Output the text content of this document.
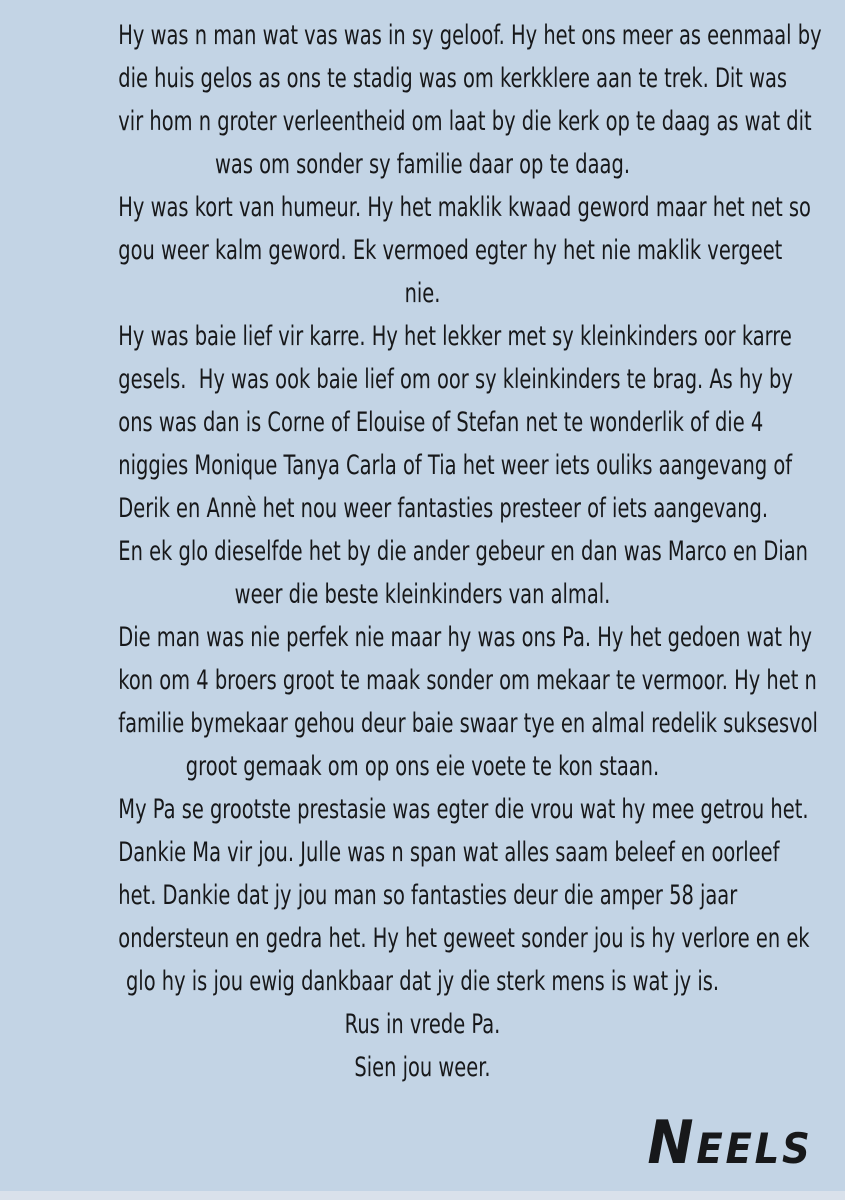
Hy was n man wat vas was in sy geloof. Hy het ons meer as eenmaal by
die huis gelos as ons te stadig was om kerkklere aan te trek. Dit was
vir hom n groter verleentheid om laat by die kerk op te daag as wat dit
was om sonder sy familie daar op te daag.
Hy was kort van humeur. Hy het maklik kwaad geword maar het net so
gou weer kalm geword. Ek vermoed egter hy het nie maklik vergeet
nie.
Hy was baie lief vir karre. Hy het lekker met sy kleinkinders oor karre
gesels.  Hy was ook baie lief om oor sy kleinkinders te brag. As hy by
ons was dan is Corne of Elouise of Stefan net te wonderlik of die 4
niggies Monique Tanya Carla of Tia het weer iets ouliks aangevang of
Derik en Annè het nou weer fantasties presteer of iets aangevang.
En ek glo dieselfde het by die ander gebeur en dan was Marco en Dian
weer die beste kleinkinders van almal.
Die man was nie perfek nie maar hy was ons Pa. Hy het gedoen wat hy
kon om 4 broers groot te maak sonder om mekaar te vermoor. Hy het n
familie bymekaar gehou deur baie swaar tye en almal redelik suksesvol
groot gemaak om op ons eie voete te kon staan.
My Pa se grootste prestasie was egter die vrou wat hy mee getrou het.
Dankie Ma vir jou. Julle was n span wat alles saam beleef en oorleef
het. Dankie dat jy jou man so fantasties deur die amper 58 jaar
ondersteun en gedra het. Hy het geweet sonder jou is hy verlore en ek
glo hy is jou ewig dankbaar dat jy die sterk mens is wat jy is.
Rus in vrede Pa.
Sien jou weer.
Neels
